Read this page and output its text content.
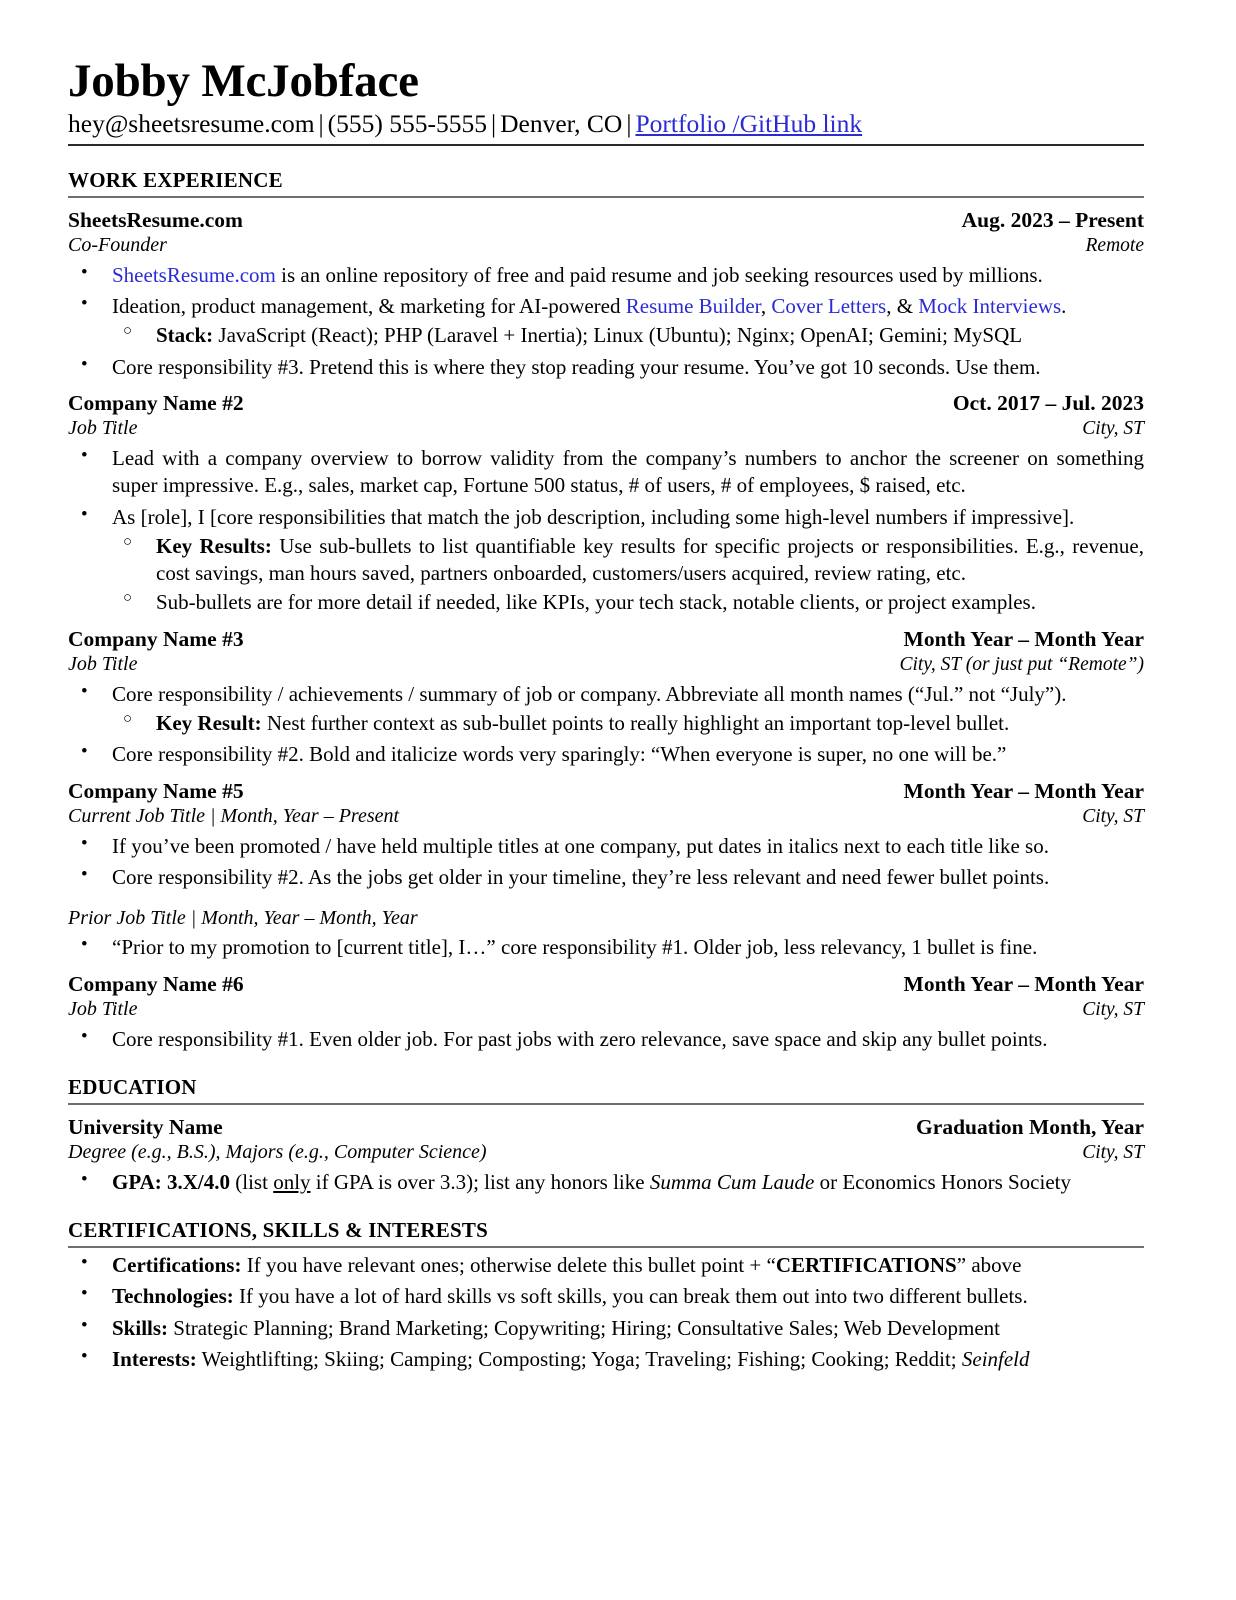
Jobby McJobface
hey@sheetsresume.com | (555) 555-5555 | Denver, CO | Portfolio /GitHub link
WORK EXPERIENCE
SheetsResume.com	Aug. 2023 – Present
Co-Founder	Remote
• SheetsResume.com is an online repository of free and paid resume and job seeking resources used by millions.
• Ideation, product management, & marketing for AI-powered Resume Builder, Cover Letters, & Mock Interviews.
○ Stack: JavaScript (React); PHP (Laravel + Inertia); Linux (Ubuntu); Nginx; OpenAI; Gemini; MySQL
• Core responsibility #3. Pretend this is where they stop reading your resume. You’ve got 10 seconds. Use them.
Company Name #2	Oct. 2017 – Jul. 2023
Job Title	City, ST
• Lead with a company overview to borrow validity from the company’s numbers to anchor the screener on something super impressive. E.g., sales, market cap, Fortune 500 status, # of users, # of employees, $ raised, etc.
• As [role], I [core responsibilities that match the job description, including some high-level numbers if impressive].
○ Key Results: Use sub-bullets to list quantifiable key results for specific projects or responsibilities. E.g., revenue, cost savings, man hours saved, partners onboarded, customers/users acquired, review rating, etc.
○ Sub-bullets are for more detail if needed, like KPIs, your tech stack, notable clients, or project examples.
Company Name #3	Month Year – Month Year
Job Title	City, ST (or just put “Remote”)
• Core responsibility / achievements / summary of job or company. Abbreviate all month names (“Jul.” not “July”).
○ Key Result: Nest further context as sub-bullet points to really highlight an important top-level bullet.
• Core responsibility #2. Bold and italicize words very sparingly: “When everyone is super, no one will be.”
Company Name #5	Month Year – Month Year
Current Job Title | Month, Year – Present	City, ST
• If you’ve been promoted / have held multiple titles at one company, put dates in italics next to each title like so.
• Core responsibility #2. As the jobs get older in your timeline, they’re less relevant and need fewer bullet points.
Prior Job Title | Month, Year – Month, Year
• “Prior to my promotion to [current title], I…” core responsibility #1. Older job, less relevancy, 1 bullet is fine.
Company Name #6	Month Year – Month Year
Job Title	City, ST
• Core responsibility #1. Even older job. For past jobs with zero relevance, save space and skip any bullet points.
EDUCATION
University Name	Graduation Month, Year
Degree (e.g., B.S.), Majors (e.g., Computer Science)	City, ST
• GPA: 3.X/4.0 (list only if GPA is over 3.3); list any honors like Summa Cum Laude or Economics Honors Society
CERTIFICATIONS, SKILLS & INTERESTS
• Certifications: If you have relevant ones; otherwise delete this bullet point + “CERTIFICATIONS” above
• Technologies: If you have a lot of hard skills vs soft skills, you can break them out into two different bullets.
• Skills: Strategic Planning; Brand Marketing; Copywriting; Hiring; Consultative Sales; Web Development
• Interests: Weightlifting; Skiing; Camping; Composting; Yoga; Traveling; Fishing; Cooking; Reddit; Seinfeld
